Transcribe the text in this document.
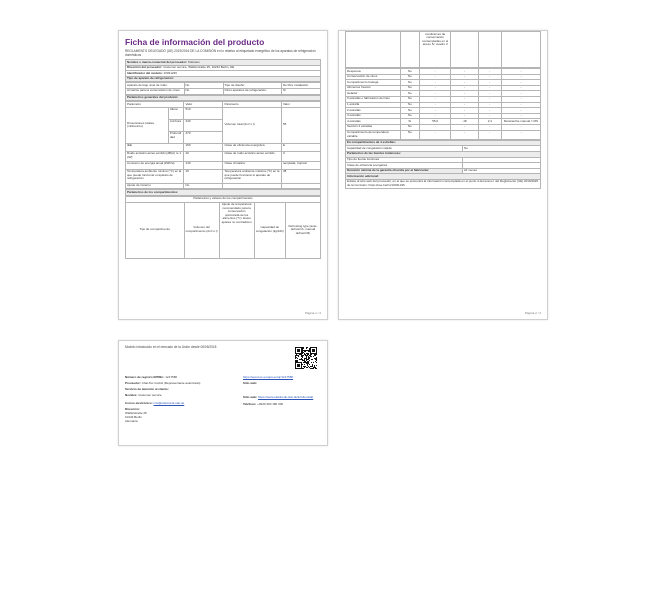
Ficha de información del producto
REGLAMENTO DELEGADO (UE) 2019/2016 DE LA COMISIÓN en lo relativo al etiquetado energético de los aparatos de refrigeración domésticos
Nombre o marca comercial del proveedor: Klarstein
Dirección del proveedor: Customer service, Wallstrstraße 25, 10243 Berlin, DE
Identificador del modelo: 10031236
Tipo de aparato de refrigeración:
Aparato de bajo nivel de ruido:	No	Tipo de diseño:	De libre instalación
Armarios para la conservación de vinos:	No	Otros aparatos de refrigeración:	Sí
Parámetros generales del producto:
Parámetro		Valor	Parámetro	Valor
Dimensiones totales (milímetros)	Altura	510	Volumen total (dm³ o l)	55
	Anchura	440		
	Profundidad	470		
IEE		150	Clase de eficiencia energética	E
Ruido acústico aéreo emitido [dB(A) re 1 pW]		40	Clase de ruido acústico aéreo emitido	C
Consumo de energía anual (kWh/a)		140	Clase climática:	templada, tropical
Temperatura ambiente mínima (°C) en la que puede funcionar el aparato de refrigeración		16	Temperatura ambiente máxima (°C) en la que puede funcionar el aparato de refrigeración	38
Ajuste de invierno		No		
Parámetros de los compartimentos:
Parámetros y valores de los compartimentos
Tipo de compartimento	Volumen del compartimento (dm³ o l)	Ajuste de temperatura recomendado para la conservación optimizada de los alimentos (°C). Estos ajustes no contradicen	Capacidad de congelación (kg/24h)	Defrosting type (auto-defrost=A, manual defrost=M)
Página 1 / 2
		condiciones de conservación contempladas en el anexo IV, cuadro 3			
Despensa	No	-	-	-	-
Conservación de vinos	No	-	-	-	-
Compartimento bodega	No	-	-	-	-
Alimentos frescos	No	-	-	-	-
Helador	No	-	-	-	-
0 estrellas o fabricación de hielo	No	-	-	-	-
1 estrella	No	-	-	-	-
2 estrellas	No	-	-	-	-
3 estrellas	No	-	-	-	-
4 estrellas	Sí	55,0	-18	2,4	Mostcarche manual = MS
Sección 2 estrellas	No	-	-	-	-
Compartimento de temperatura variable	No	-	-	-	-
En compartimentos de 4 estrellas:	
Capacidad de congelación rápida	No
Parámetros de las fuentes luminosas:	
Tipo de fuente luminosa	
Clase de eficiencia energética	
Duración mínima de la garantía ofrecida por el fabricante:	24 meses
Información adicional:	
Enlace al sitio web del proveedor, en el que se encuentra la información contemplada en el punto 4 del anexo I del Reglamento (UE) 2019/2020 de la Comisión: https://use.berlin/10031236	
Página 2 / 2
Modelo introducido en el mercado de la Unión desde 06/05/2018
Número de registro EPREL: 1217586
Proveedor: Chal-Tec GmbH (Representante autorizado)
Servicio de atención al cliente:
Nombre: Customer service
Correo electrónico: info@elektronik-star.de
Dirección:
Wallstrstraße 25
10243 Berlin
Alemania
https://eprel.ec.europa.eu/qr/1217586
Sitio web:
Sitio web: https://www.elektronik-star.de/info/kontakt
Teléfono: +4930 300 180 300
